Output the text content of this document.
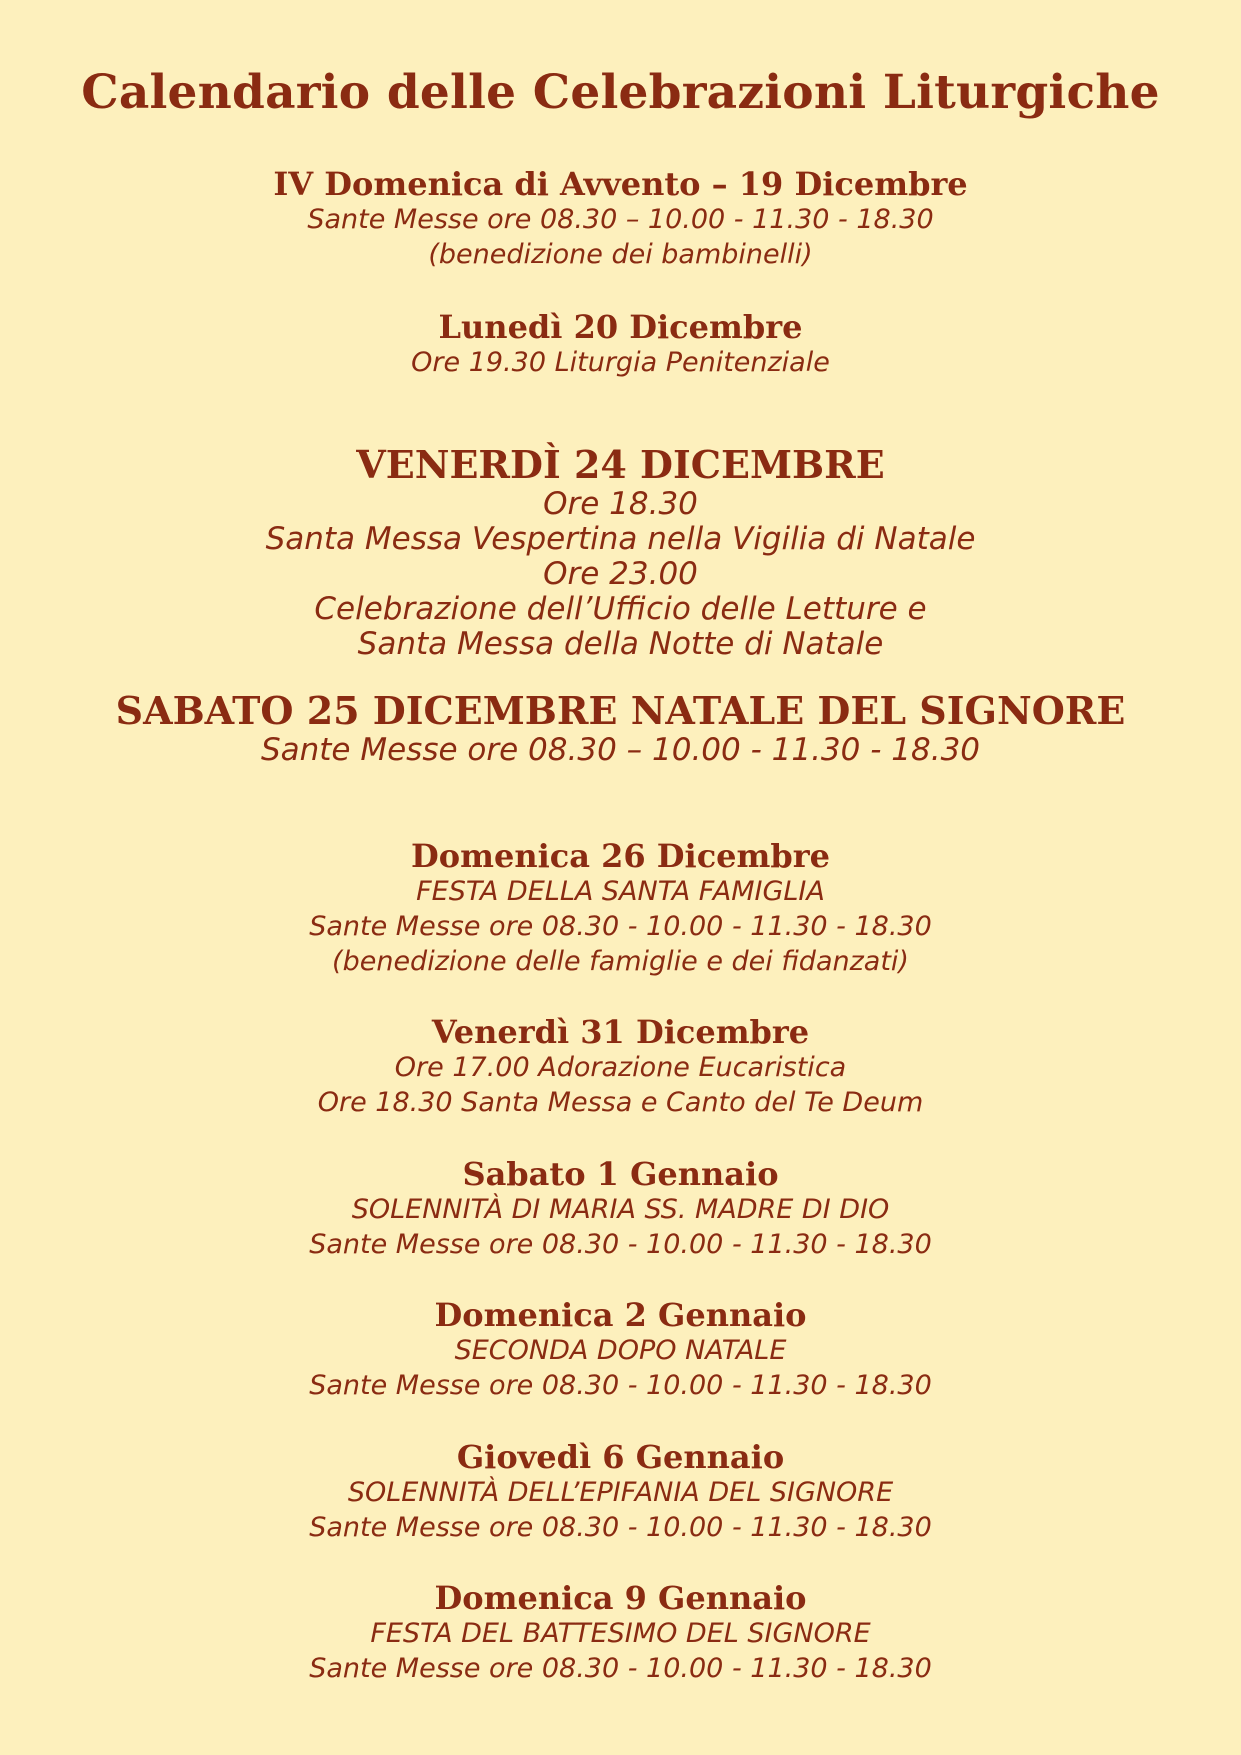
Calendario delle Celebrazioni Liturgiche
IV Domenica di Avvento – 19 Dicembre
Sante Messe ore 08.30 – 10.00 - 11.30 - 18.30
(benedizione dei bambinelli)
Lunedì 20 Dicembre
Ore 19.30 Liturgia Penitenziale
VENERDÌ 24 DICEMBRE
Ore 18.30
Santa Messa Vespertina nella Vigilia di Natale
Ore 23.00
Celebrazione dell’Ufficio delle Letture e
Santa Messa della Notte di Natale
SABATO 25 DICEMBRE NATALE DEL SIGNORE
Sante Messe ore 08.30 – 10.00 - 11.30 - 18.30
Domenica 26 Dicembre
FESTA DELLA SANTA FAMIGLIA
Sante Messe ore 08.30 - 10.00 - 11.30 - 18.30
(benedizione delle famiglie e dei fidanzati)
Venerdì 31 Dicembre
Ore 17.00 Adorazione Eucaristica
Ore 18.30 Santa Messa e Canto del Te Deum
Sabato 1 Gennaio
SOLENNITÀ DI MARIA SS. MADRE DI DIO
Sante Messe ore 08.30 - 10.00 - 11.30 - 18.30
Domenica 2 Gennaio
SECONDA DOPO NATALE
Sante Messe ore 08.30 - 10.00 - 11.30 - 18.30
Giovedì 6 Gennaio
SOLENNITÀ DELL’EPIFANIA DEL SIGNORE
Sante Messe ore 08.30 - 10.00 - 11.30 - 18.30
Domenica 9 Gennaio
FESTA DEL BATTESIMO DEL SIGNORE
Sante Messe ore 08.30 - 10.00 - 11.30 - 18.30
